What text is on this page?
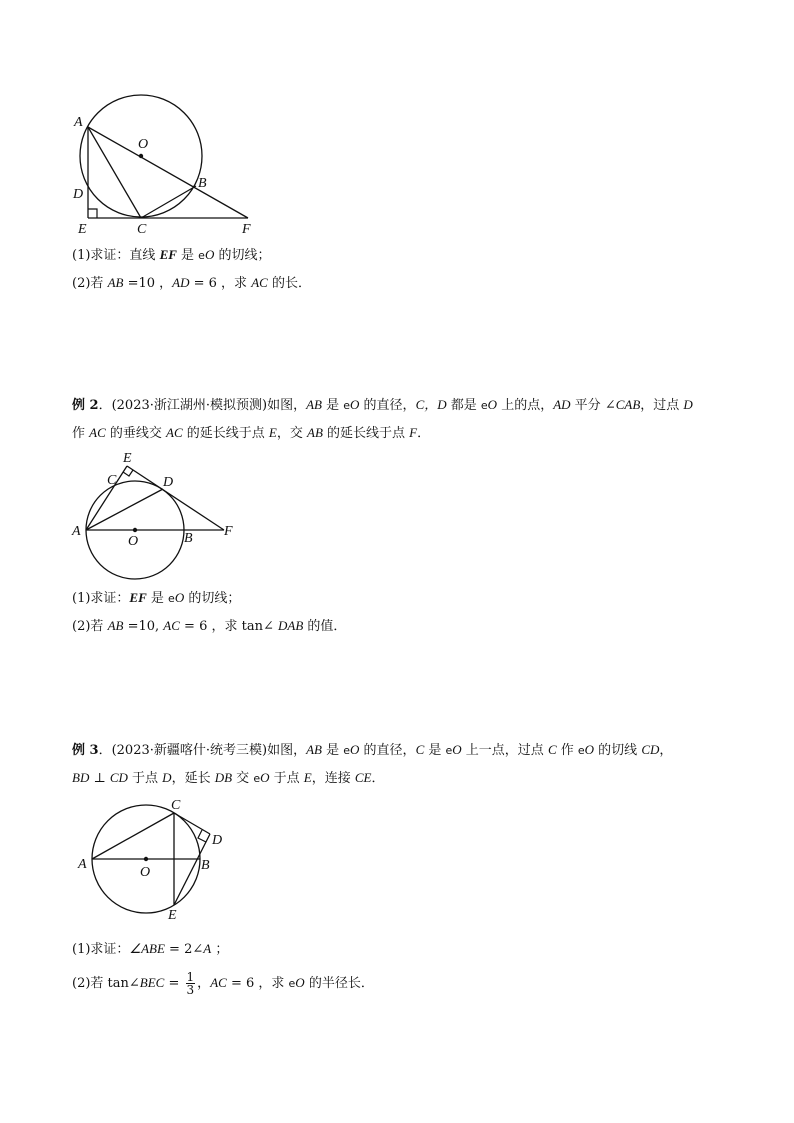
A
O
B
D
E	C	F
(1)求证：直线 EF 是 eO 的切线；
(2)若 AB =10 ，AD = 6 ，求 AC 的长．
例 2．(2023·浙江湖州·模拟预测)如图，AB 是 eO 的直径，C，D 都是 eO 上的点，AD 平分 ∠CAB，过点 D
作 AC 的垂线交 AC 的延长线于点 E，交 AB 的延长线于点 F．
E
C	D
A
O	B F
(1)求证：EF 是 eO 的切线；
(2)若 AB =10, AC = 6 ，求 tan∠ DAB 的值．
例 3．(2023·新疆喀什·统考三模)如图，AB 是 eO 的直径，C 是 eO 上一点，过点 C 作 eO 的切线 CD，
BD ⊥ CD 于点 D，延长 DB 交 eO 于点 E，连接 CE．
C
D
A
O	B
E
(1)求证：∠ABE = 2∠A ；
(2)若 tan∠BEC = $\frac{1}{3}$ ，AC = 6 ，求 eO 的半径长．
